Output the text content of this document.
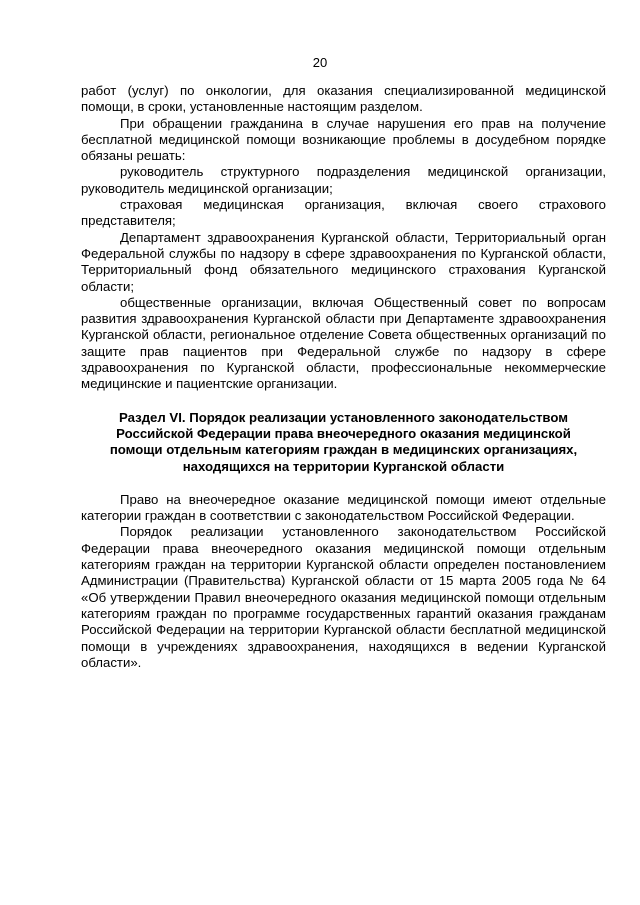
20

работ (услуг) по онкологии, для оказания специализированной медицинской помощи, в сроки, установленные настоящим разделом.

При обращении гражданина в случае нарушения его прав на получение бесплатной медицинской помощи возникающие проблемы в досудебном порядке обязаны решать:

руководитель структурного подразделения медицинской организации, руководитель медицинской организации;

страховая медицинская организация, включая своего страхового представителя;

Департамент здравоохранения Курганской области, Территориальный орган Федеральной службы по надзору в сфере здравоохранения по Курганской области, Территориальный фонд обязательного медицинского страхования Курганской области;

общественные организации, включая Общественный совет по вопросам развития здравоохранения Курганской области при Департаменте здравоохранения Курганской области, региональное отделение Совета общественных организаций по защите прав пациентов при Федеральной службе по надзору в сфере здравоохранения по Курганской области, профессиональные некоммерческие медицинские и пациентские организации.

Раздел VI. Порядок реализации установленного законодательством Российской Федерации права внеочередного оказания медицинской помощи отдельным категориям граждан в медицинских организациях, находящихся на территории Курганской области

Право на внеочередное оказание медицинской помощи имеют отдельные категории граждан в соответствии с законодательством Российской Федерации.

Порядок реализации установленного законодательством Российской Федерации права внеочередного оказания медицинской помощи отдельным категориям граждан на территории Курганской области определен постановлением Администрации (Правительства) Курганской области от 15 марта 2005 года № 64 «Об утверждении Правил внеочередного оказания медицинской помощи отдельным категориям граждан по программе государственных гарантий оказания гражданам Российской Федерации на территории Курганской области бесплатной медицинской помощи в учреждениях здравоохранения, находящихся в ведении Курганской области».
